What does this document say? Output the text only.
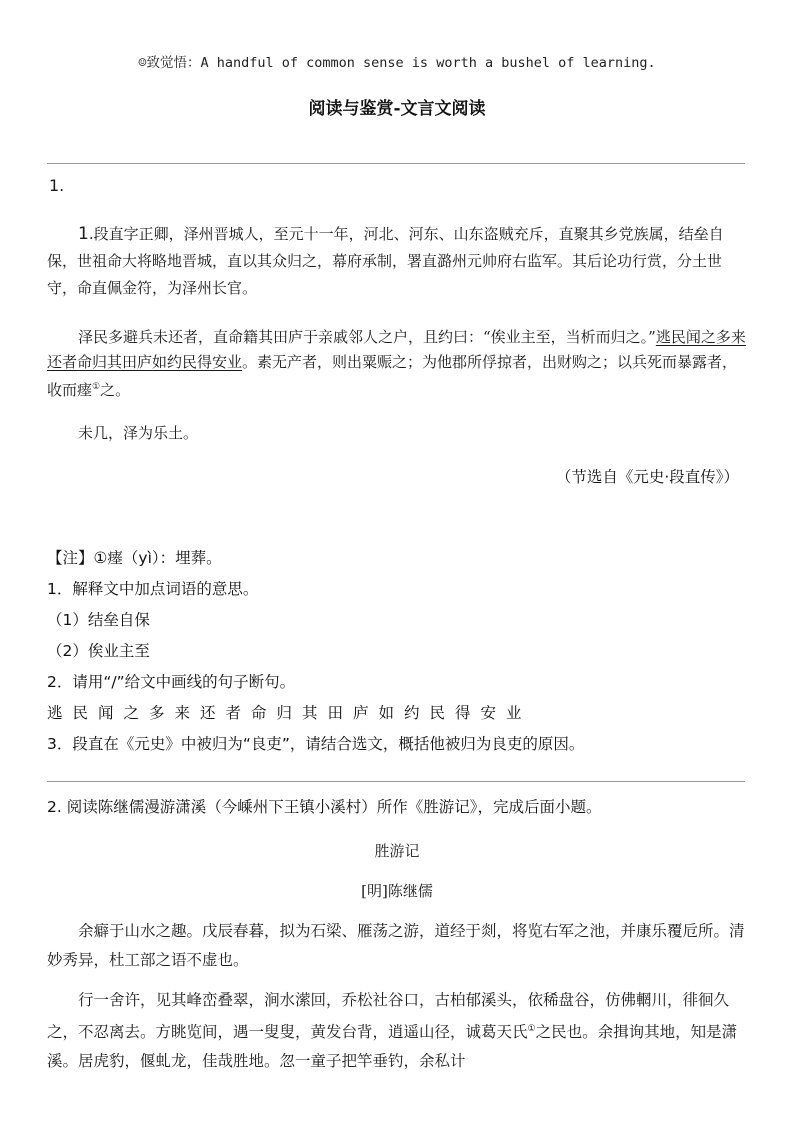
☺致觉悟：A handful of common sense is worth a bushel of learning.
阅读与鉴赏-文言文阅读
1.
1.段直字正卿，泽州晋城人，至元十一年，河北、河东、山东盗贼充斥，直聚其乡党族属，结垒自保，世祖命大将略地晋城，直以其众归之，幕府承制，署直潞州元帅府右监军。其后论功行赏，分土世守，命直佩金符，为泽州长官。
泽民多避兵未还者，直命籍其田庐于亲戚邻人之户，且约曰：“俟业主至，当析而归之。”逃民闻之多来还者命归其田庐如约民得安业。素无产者，则出粟赈之；为他郡所俘掠者，出财购之；以兵死而暴露者，收而瘗①之。
未几，泽为乐土。
（节选自《元史·段直传》）
【注】①瘗（yì）：埋葬。
1．解释文中加点词语的意思。
（1）结垒自保
（2）俟业主至
2．请用“/”给文中画线的句子断句。
逃民闻之多来还者命归其田庐如约民得安业
3．段直在《元史》中被归为“良吏”，请结合选文，概括他被归为良吏的原因。
2. 阅读陈继儒漫游潇溪（今嵊州下王镇小溪村）所作《胜游记》，完成后面小题。
胜游记
[明]陈继儒
余癖于山水之趣。戊辰春暮，拟为石梁、雁荡之游，道经于剡，将览右军之池，并康乐覆卮所。清妙秀异，杜工部之语不虚也。
行一舍许，见其峰峦叠翠，涧水潆回，乔松社谷口，古柏郁溪头，依稀盘谷，仿佛輞川，徘徊久之，不忍离去。方眺览间，遇一叟叟，黄发台背，逍遥山径，诚葛天氏①之民也。余揖询其地，知是潇溪。居虎豹，偃虬龙，佳哉胜地。忽一童子把竿垂钓，余私计
